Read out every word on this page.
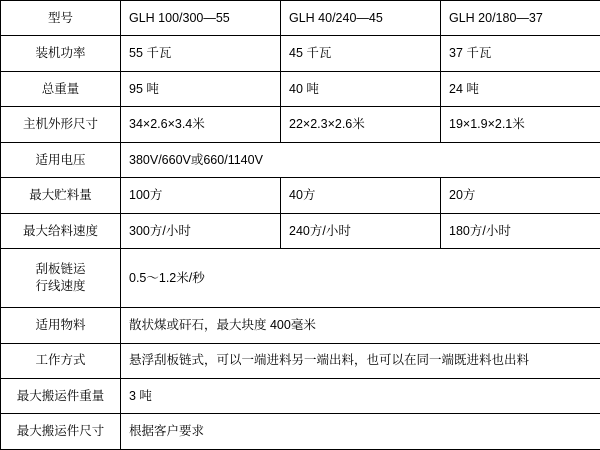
型号	GLH 100/300—55	GLH 40/240—45	GLH 20/180—37
装机功率	55 千瓦	45 千瓦	37 千瓦
总重量	95 吨	40 吨	24 吨
主机外形尺寸	34×2.6×3.4米	22×2.3×2.6米	19×1.9×2.1米
适用电压	380V/660V或660/1140V		
最大贮料量	100方	40方	20方
最大给料速度	300方/小时	240方/小时	180方/小时

刮板链运
行线速度	0.5～1.2米/秒		
适用物料	散状煤或矸石，最大块度 400毫米		
工作方式	悬浮刮板链式，可以一端进料另一端出料，也可以在同一端既进料也出料		
最大搬运件重量	3 吨		
最大搬运件尺寸	根据客户要求		
